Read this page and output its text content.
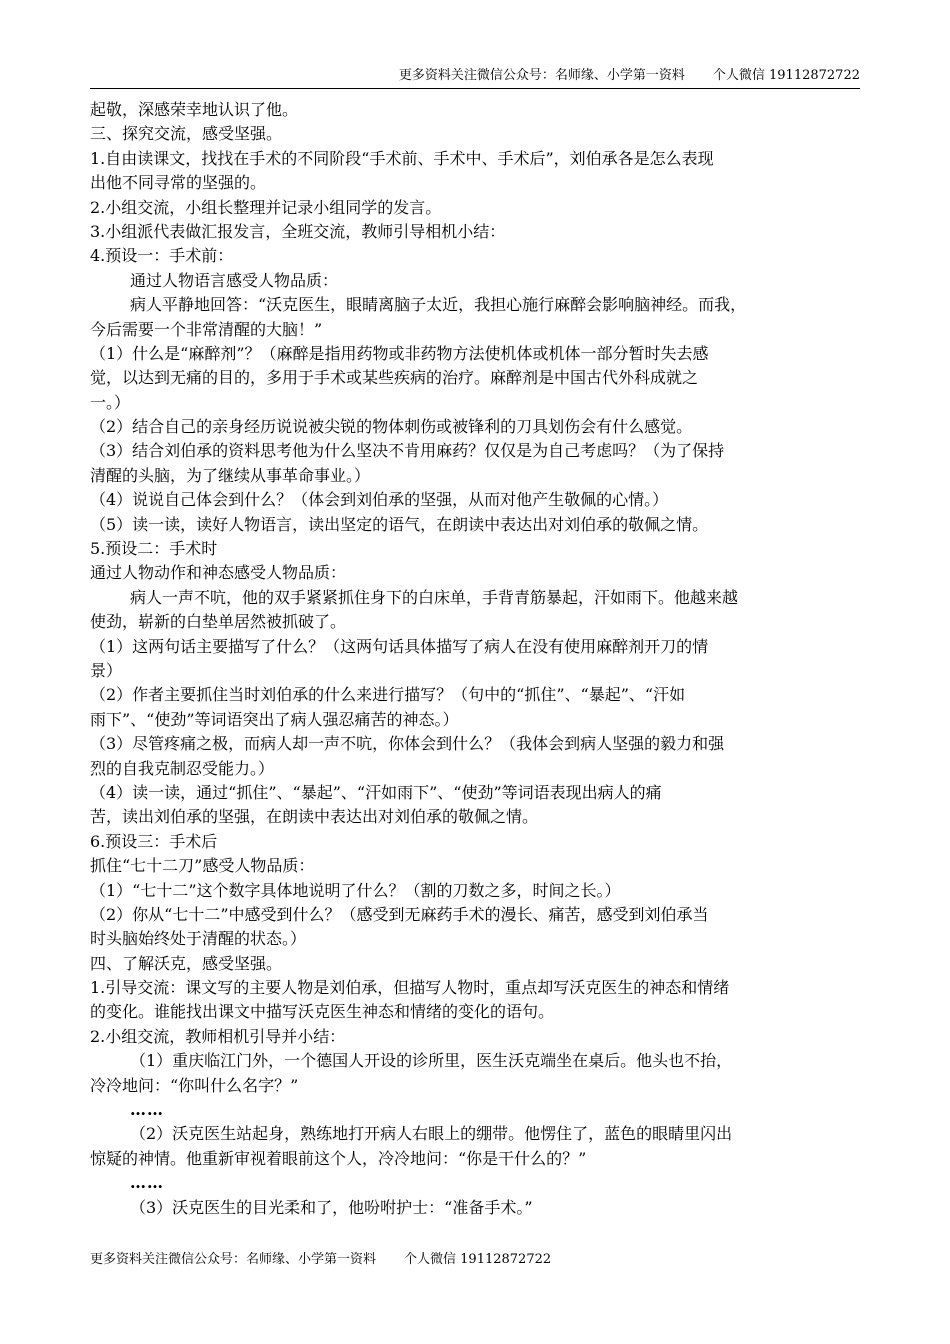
更多资料关注微信公众号：名师缘、小学第一资料 个人微信 19112872722
起敬，深感荣幸地认识了他。
三、探究交流，感受坚强。
1.自由读课文，找找在手术的不同阶段“手术前、手术中、手术后”，刘伯承各是怎么表现
出他不同寻常的坚强的。
2.小组交流，小组长整理并记录小组同学的发言。
3.小组派代表做汇报发言，全班交流，教师引导相机小结：
4.预设一：手术前：
通过人物语言感受人物品质：
病人平静地回答：“沃克医生，眼睛离脑子太近，我担心施行麻醉会影响脑神经。而我，
今后需要一个非常清醒的大脑！”
（1）什么是“麻醉剂”？（麻醉是指用药物或非药物方法使机体或机体一部分暂时失去感
觉，以达到无痛的目的，多用于手术或某些疾病的治疗。麻醉剂是中国古代外科成就之
一。）
（2）结合自己的亲身经历说说被尖锐的物体刺伤或被锋利的刀具划伤会有什么感觉。
（3）结合刘伯承的资料思考他为什么坚决不肯用麻药？仅仅是为自己考虑吗？（为了保持
清醒的头脑，为了继续从事革命事业。）
（4）说说自己体会到什么？（体会到刘伯承的坚强，从而对他产生敬佩的心情。）
（5）读一读，读好人物语言，读出坚定的语气，在朗读中表达出对刘伯承的敬佩之情。
5.预设二：手术时
通过人物动作和神态感受人物品质：
病人一声不吭，他的双手紧紧抓住身下的白床单，手背青筋暴起，汗如雨下。他越来越
使劲，崭新的白垫单居然被抓破了。
（1）这两句话主要描写了什么？（这两句话具体描写了病人在没有使用麻醉剂开刀的情
景）
（2）作者主要抓住当时刘伯承的什么来进行描写？（句中的“抓住”、“暴起”、“汗如
雨下”、“使劲”等词语突出了病人强忍痛苦的神态。）
（3）尽管疼痛之极，而病人却一声不吭，你体会到什么？（我体会到病人坚强的毅力和强
烈的自我克制忍受能力。）
（4）读一读，通过“抓住”、“暴起”、“汗如雨下”、“使劲”等词语表现出病人的痛
苦，读出刘伯承的坚强，在朗读中表达出对刘伯承的敬佩之情。
6.预设三：手术后
抓住“七十二刀”感受人物品质：
（1）“七十二”这个数字具体地说明了什么？（割的刀数之多，时间之长。）
（2）你从“七十二”中感受到什么？（感受到无麻药手术的漫长、痛苦，感受到刘伯承当
时头脑始终处于清醒的状态。）
四、了解沃克，感受坚强。
1.引导交流：课文写的主要人物是刘伯承，但描写人物时，重点却写沃克医生的神态和情绪
的变化。谁能找出课文中描写沃克医生神态和情绪的变化的语句。
2.小组交流，教师相机引导并小结：
（1）重庆临江门外，一个德国人开设的诊所里，医生沃克端坐在桌后。他头也不抬，
冷冷地问：“你叫什么名字？”
……
（2）沃克医生站起身，熟练地打开病人右眼上的绷带。他愣住了，蓝色的眼睛里闪出
惊疑的神情。他重新审视着眼前这个人，冷冷地问：“你是干什么的？”
……
（3）沃克医生的目光柔和了，他吩咐护士：“准备手术。”
更多资料关注微信公众号：名师缘、小学第一资料 个人微信 19112872722
